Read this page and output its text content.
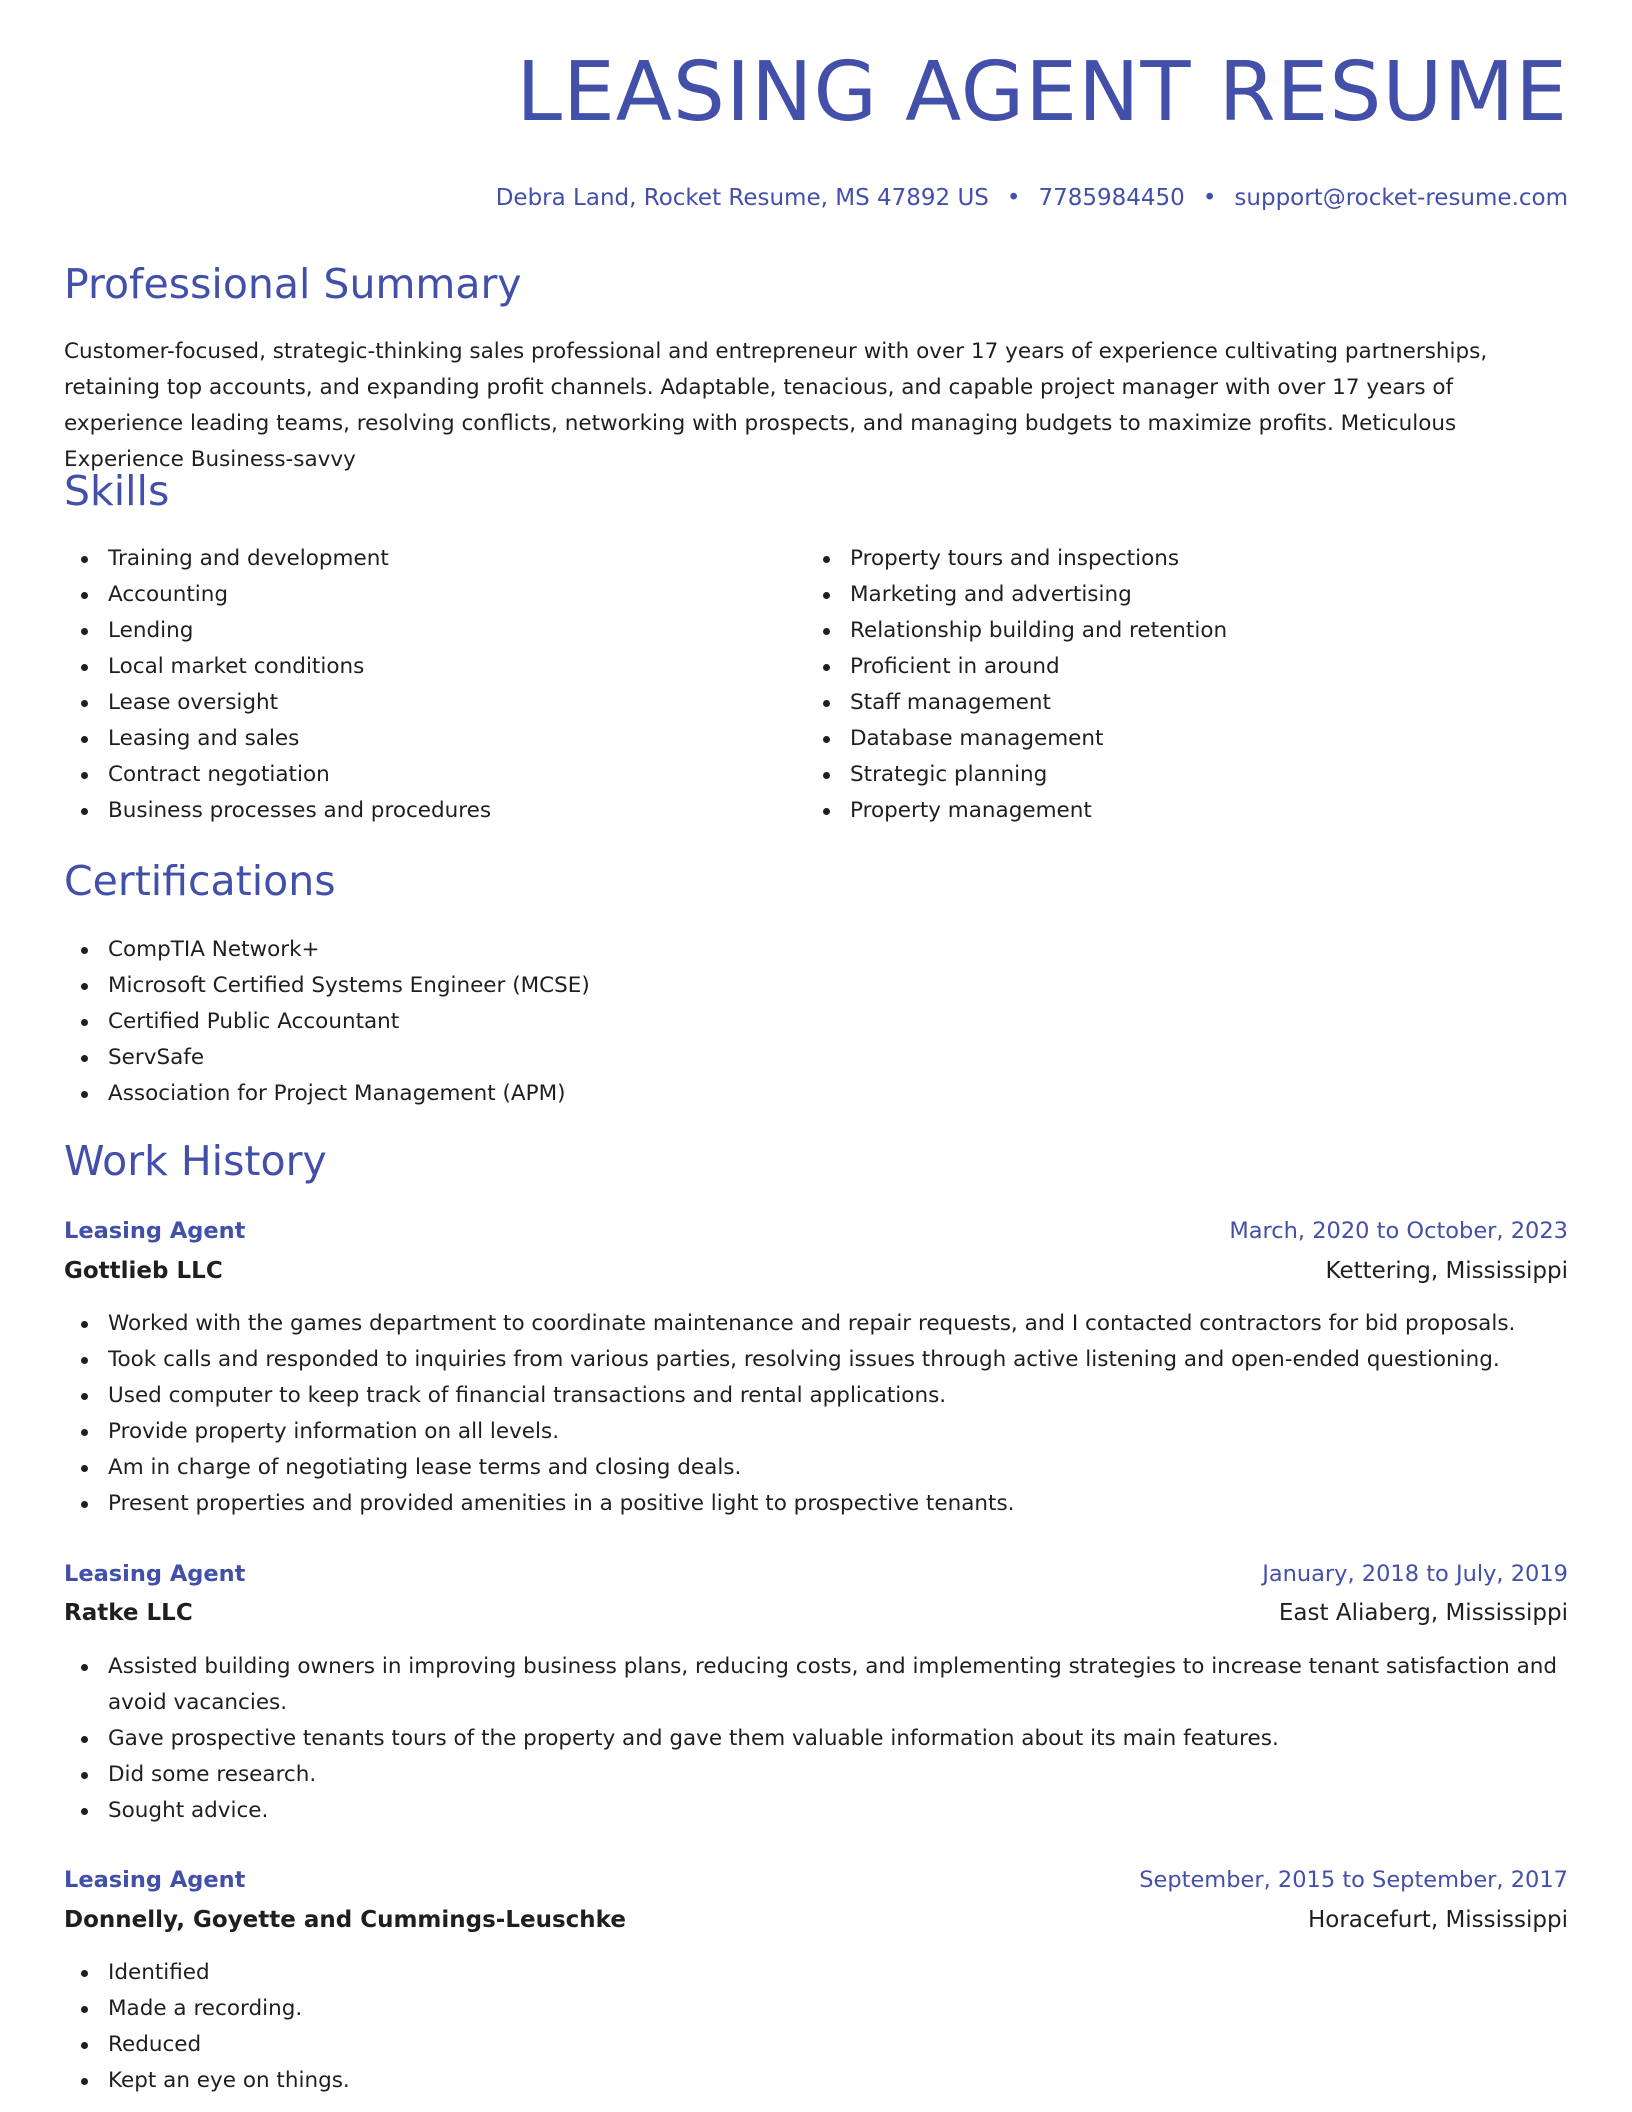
LEASING AGENT RESUME
Debra Land, Rocket Resume, MS 47892 US • 7785984450 • support@rocket-resume.com
Professional Summary

Customer-focused, strategic-thinking sales professional and entrepreneur with over 17 years of experience cultivating partnerships, retaining top accounts, and expanding profit channels. Adaptable, tenacious, and capable project manager with over 17 years of experience leading teams, resolving conflicts, networking with prospects, and managing budgets to maximize profits. Meticulous Experience Business-savvy

Skills
Training and development
Accounting
Lending
Local market conditions
Lease oversight
Leasing and sales
Contract negotiation
Business processes and procedures
Property tours and inspections
Marketing and advertising
Relationship building and retention
Proficient in around
Staff management
Database management
Strategic planning
Property management
Certifications
CompTIA Network+
Microsoft Certified Systems Engineer (MCSE)
Certified Public Accountant
ServSafe
Association for Project Management (APM)
Work History
Leasing Agent	March, 2020 to October, 2023
Gottlieb LLC	Kettering, Mississippi
Worked with the games department to coordinate maintenance and repair requests, and I contacted contractors for bid proposals.
Took calls and responded to inquiries from various parties, resolving issues through active listening and open-ended questioning.
Used computer to keep track of financial transactions and rental applications.
Provide property information on all levels.
Am in charge of negotiating lease terms and closing deals.
Present properties and provided amenities in a positive light to prospective tenants.
Leasing Agent	January, 2018 to July, 2019
Ratke LLC	East Aliaberg, Mississippi
Assisted building owners in improving business plans, reducing costs, and implementing strategies to increase tenant satisfaction and avoid vacancies.
Gave prospective tenants tours of the property and gave them valuable information about its main features.
Did some research.
Sought advice.
Leasing Agent	September, 2015 to September, 2017
Donnelly, Goyette and Cummings-Leuschke	Horacefurt, Mississippi
Identified
Made a recording.
Reduced
Kept an eye on things.
